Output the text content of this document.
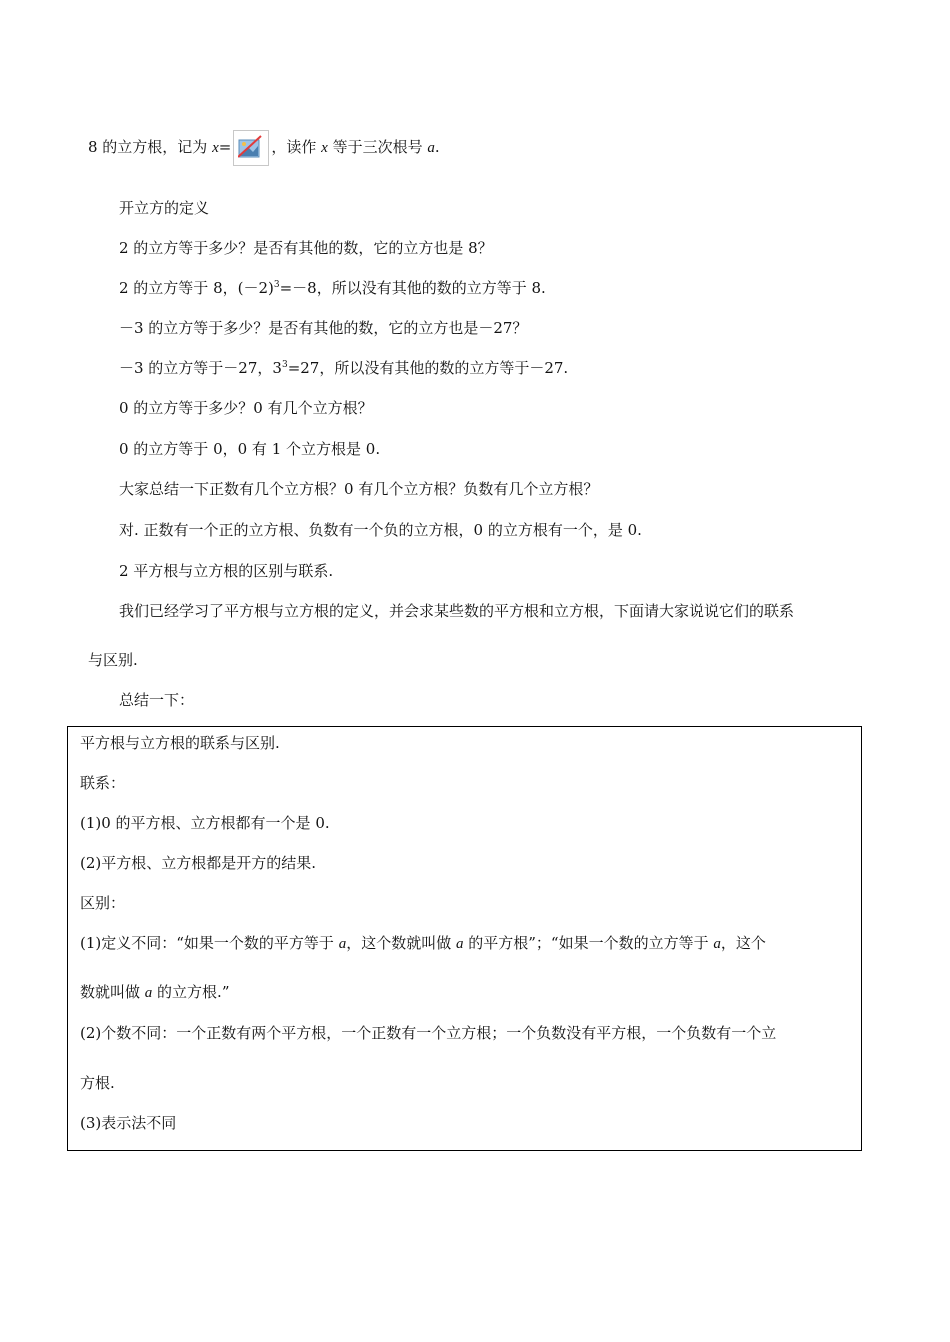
8 的立方根，记为 x=	，读作 x 等于三次根号 a.
开立方的定义
2 的立方等于多少？是否有其他的数，它的立方也是 8？
2 的立方等于 8，$(-2)^3=-8$，所以没有其他的数的立方等于 8.
－3 的立方等于多少？是否有其他的数，它的立方也是－27？
－3 的立方等于－27，$3^3=27$，所以没有其他的数的立方等于－27.
0 的立方等于多少？0 有几个立方根？
0 的立方等于 0，0 有 1 个立方根是 0.
大家总结一下正数有几个立方根？0 有几个立方根？负数有几个立方根？
对. 正数有一个正的立方根、负数有一个负的立方根，0 的立方根有一个，是 0.
2 平方根与立方根的区别与联系.
我们已经学习了平方根与立方根的定义，并会求某些数的平方根和立方根，下面请大家说说它们的联系
与区别.
总结一下：
平方根与立方根的联系与区别.
联系：
(1)0 的平方根、立方根都有一个是 0.
(2)平方根、立方根都是开方的结果.
区别：
(1)定义不同：“如果一个数的平方等于 a，这个数就叫做 a 的平方根”；“如果一个数的立方等于 a，这个
数就叫做 a 的立方根.”
(2)个数不同：一个正数有两个平方根，一个正数有一个立方根；一个负数没有平方根，一个负数有一个立
方根.
(3)表示法不同
